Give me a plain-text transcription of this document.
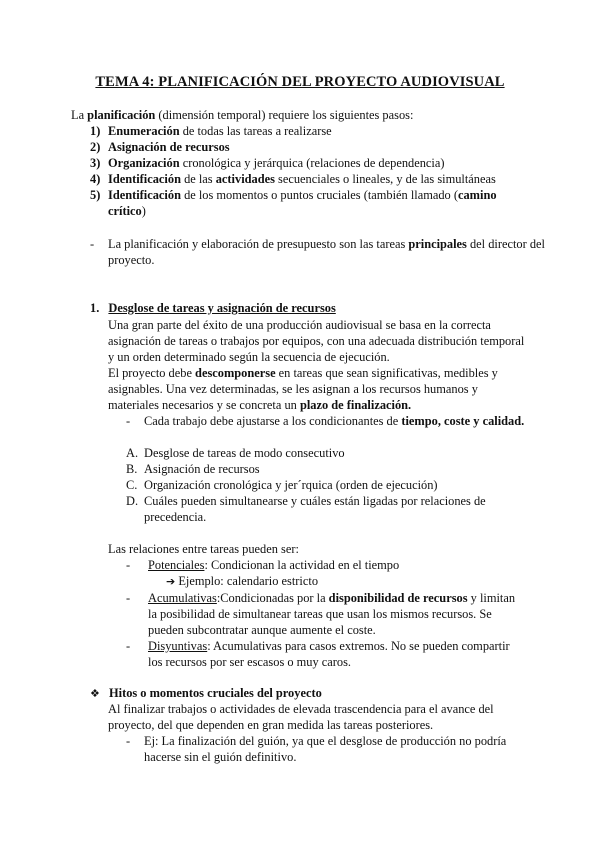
TEMA 4: PLANIFICACIÓN DEL PROYECTO AUDIOVISUAL
La planificación (dimensión temporal) requiere los siguientes pasos:
1) Enumeración de todas las tareas a realizarse
2) Asignación de recursos
3) Organización cronológica y jerárquica (relaciones de dependencia)
4) Identificación de las actividades secuenciales o lineales, y de las simultáneas
5) Identificación de los momentos o puntos cruciales (también llamado (camino crítico)
- La planificación y elaboración de presupuesto son las tareas principales del director del proyecto.
1. Desglose de tareas y asignación de recursos
Una gran parte del éxito de una producción audiovisual se basa en la correcta asignación de tareas o trabajos por equipos, con una adecuada distribución temporal y un orden determinado según la secuencia de ejecución.
El proyecto debe descomponerse en tareas que sean significativas, medibles y asignables. Una vez determinadas, se les asignan a los recursos humanos y materiales necesarios y se concreta un plazo de finalización.
- Cada trabajo debe ajustarse a los condicionantes de tiempo, coste y calidad.
A. Desglose de tareas de modo consecutivo
B. Asignación de recursos
C. Organización cronológica y jer´rquica (orden de ejecución)
D. Cuáles pueden simultanearse y cuáles están ligadas por relaciones de precedencia.
Las relaciones entre tareas pueden ser:
- Potenciales: Condicionan la actividad en el tiempo
➔ Ejemplo: calendario estricto
- Acumulativas:Condicionadas por la disponibilidad de recursos y limitan la posibilidad de simultanear tareas que usan los mismos recursos. Se pueden subcontratar aunque aumente el coste.
- Disyuntivas: Acumulativas para casos extremos. No se pueden compartir los recursos por ser escasos o muy caros.
❖ Hitos o momentos cruciales del proyecto
Al finalizar trabajos o actividades de elevada trascendencia para el avance del proyecto, del que dependen en gran medida las tareas posteriores.
- Ej: La finalización del guión, ya que el desglose de producción no podría hacerse sin el guión definitivo.
